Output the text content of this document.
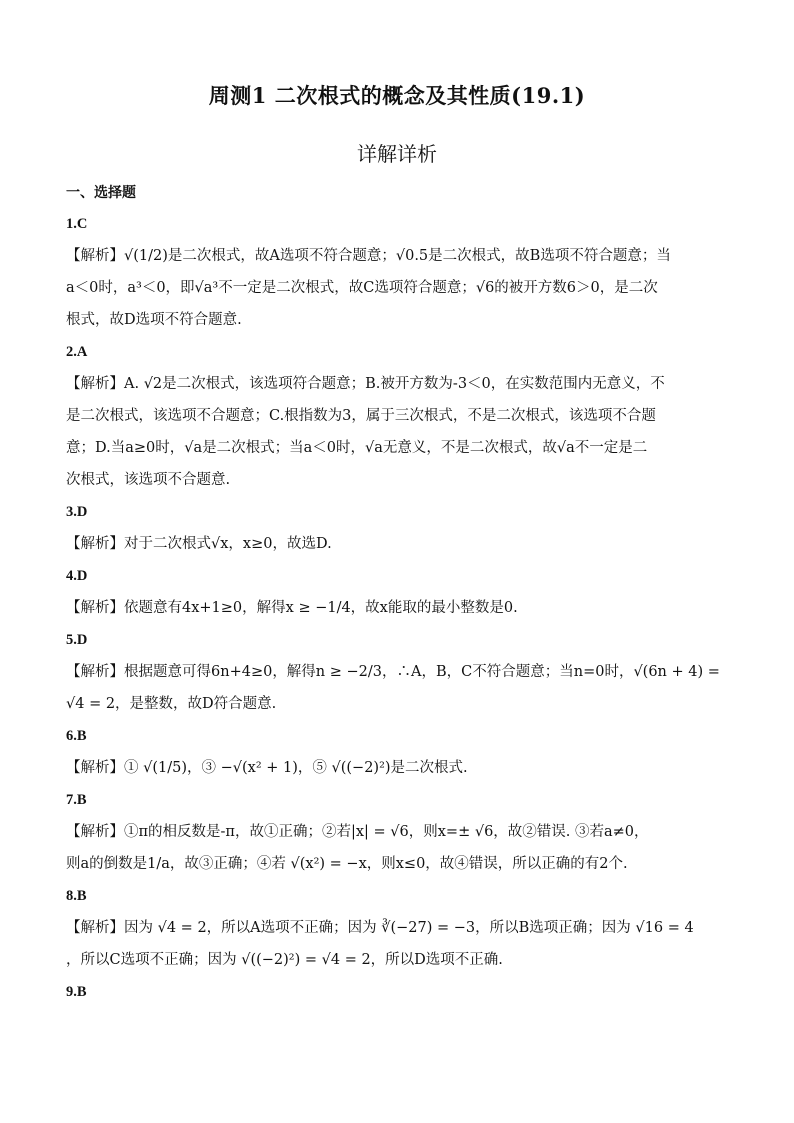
周测1 二次根式的概念及其性质(19.1)
详解详析
一、选择题
1.C
【解析】√(1/2)是二次根式，故A选项不符合题意；√0.5是二次根式，故B选项不符合题意；当
a＜0时，a³＜0，即√a³不一定是二次根式，故C选项符合题意；√6的被开方数6＞0，是二次
根式，故D选项不符合题意.
2.A
【解析】A. √2是二次根式，该选项符合题意；B.被开方数为-3＜0，在实数范围内无意义，不
是二次根式，该选项不合题意；C.根指数为3，属于三次根式，不是二次根式，该选项不合题
意；D.当a≥0时，√a是二次根式；当a＜0时，√a无意义，不是二次根式，故√a不一定是二
次根式，该选项不合题意.
3.D
【解析】对于二次根式√x，x≥0，故选D.
4.D
【解析】依题意有4x+1≥0，解得x ≥ −1/4，故x能取的最小整数是0.
5.D
【解析】根据题意可得6n+4≥0，解得n ≥ −2/3，∴A，B，C不符合题意；当n=0时，√(6n + 4) =
√4 = 2，是整数，故D符合题意.
6.B
【解析】① √(1/5)，③ −√(x² + 1)，⑤ √((−2)²)是二次根式.
7.B
【解析】①π的相反数是-π，故①正确；②若|x| = √6，则x=± √6，故②错误. ③若a≠0，
则a的倒数是1/a，故③正确；④若 √(x²) = −x，则x≤0，故④错误，所以正确的有2个.
8.B
【解析】因为 √4 = 2，所以A选项不正确；因为 ∛(−27) = −3，所以B选项正确；因为 √16 = 4
，所以C选项不正确；因为 √((−2)²) = √4 = 2，所以D选项不正确.
9.B
